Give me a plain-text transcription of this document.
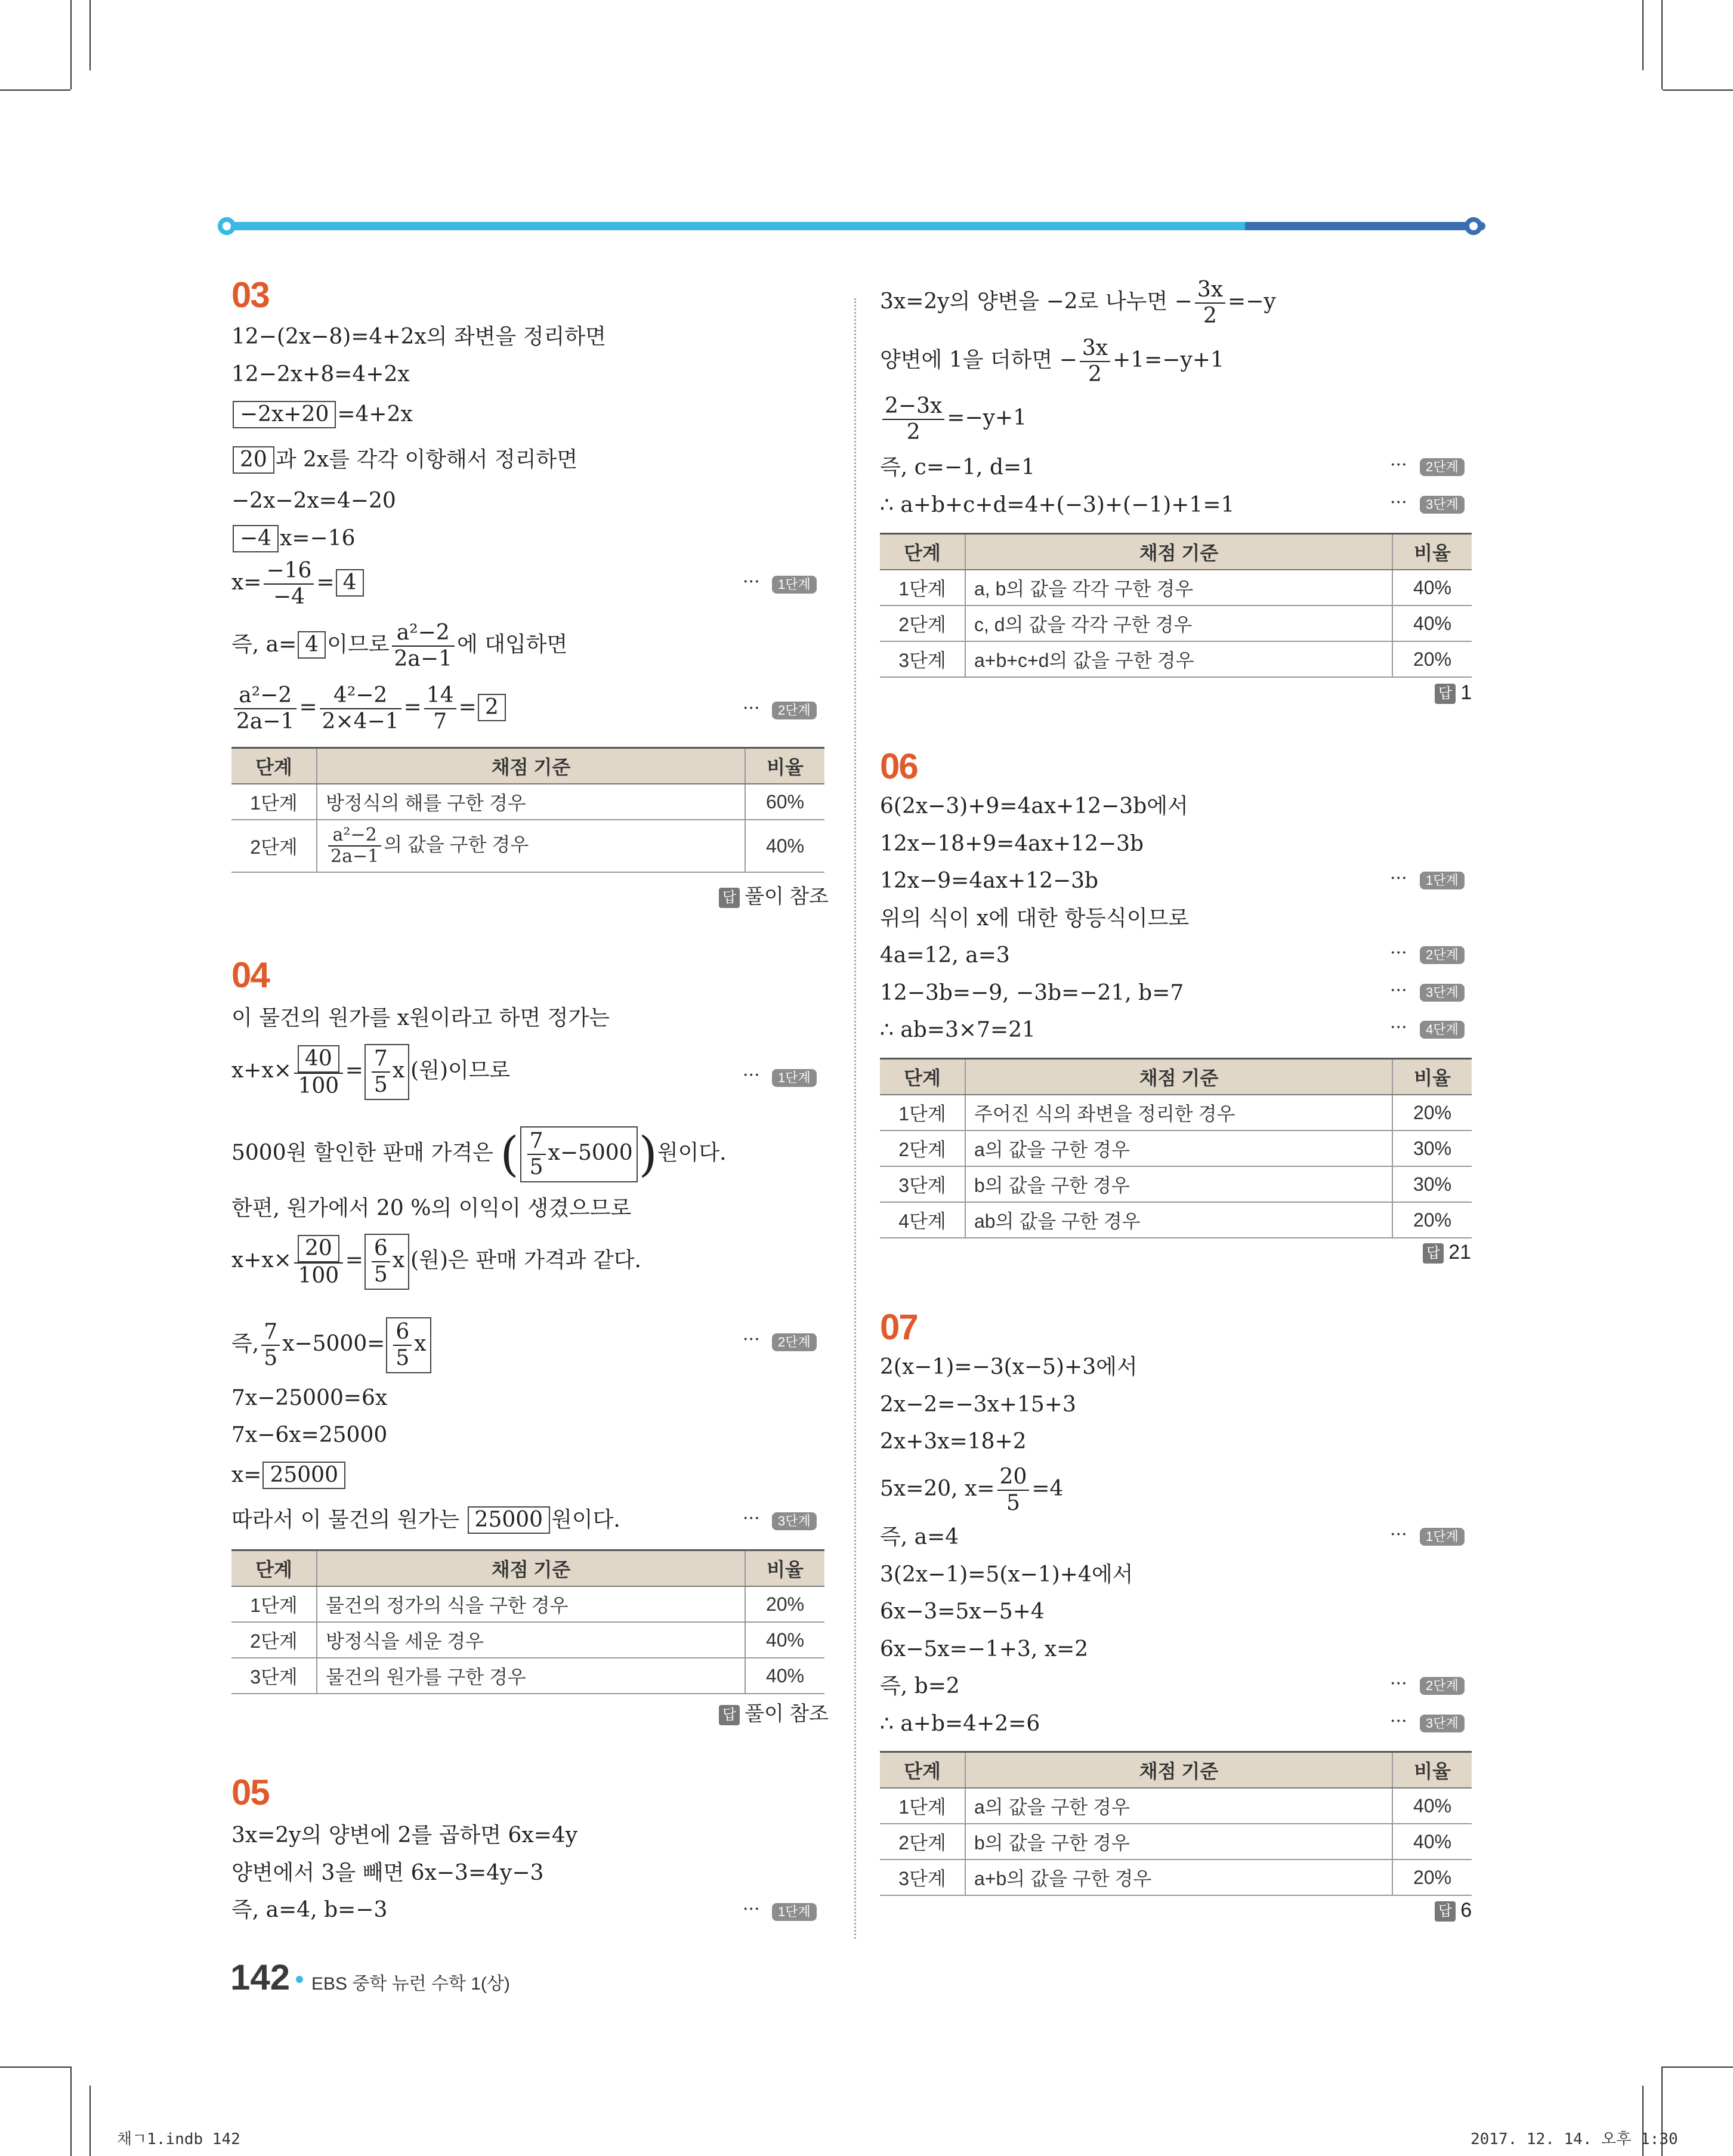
03
12−(2x−8)=4+2x의 좌변을 정리하면
12−2x+8=4+2x
−2x+20 =4+2x
20 과 2x를 각각 이항해서 정리하면
−2x−2x=4−20
−4 x=−16
$x= \frac{-16}{-4} = 4$	···	1단계
즉, a= 4 이므로 $\frac{\text{a²−2}}{2a-1}$ 에 대입하면
$\frac{\text{a²−2}}{2a-1} = \frac{\text{4²−2}}{2\times 4-1} = \frac{14}{7} = 2$	···	2단계
단계	채점 기준	비율
1단계	방정식의 해를 구한 경우	60%
2단계	$\frac{\text{a²−2}}{2a-1}$ 의 값을 구한 경우	40%
답 풀이 참조
04
이 물건의 원가를 x원이라고 하면 정가는
$x+x\times \frac{40}{100} = \frac{7}{5}$ x (원)이므로	···	1단계
5000원 할인한 판매 가격은 ( $\frac{7}{5} x-5000$ )원이다.
한편, 원가에서 20 %의 이익이 생겼으므로
$x+x\times \frac{20}{100} = \frac{6}{5}$ x (원)은 판매 가격과 같다.
즉, $\frac{7}{5} x-5000= \frac{6}{5}$ x	···	2단계
7x−25000=6x
7x−6x=25000
x= 25000
따라서 이 물건의 원가는 25000 원이다.	···	3단계
단계	채점 기준	비율
1단계	물건의 정가의 식을 구한 경우	20%
2단계	방정식을 세운 경우	40%
3단계	물건의 원가를 구한 경우	40%
답 풀이 참조
05
3x=2y의 양변에 2를 곱하면 6x=4y
양변에서 3을 빼면 6x−3=4y−3
즉, a=4, b=−3	···	1단계
3x=2y의 양변을 −2로 나누면 − $\frac{3x}{2} =-y$
양변에 1을 더하면 − $\frac{3x}{2} +1=-y+1$
$\frac{2-3x}{2} =-y+1$
즉, c=−1, d=1	···	2단계
∴ a+b+c+d=4+(−3)+(−1)+1=1	···	3단계
단계	채점 기준	비율
1단계	a, b의 값을 각각 구한 경우	40%
2단계	c, d의 값을 각각 구한 경우	40%
3단계	a+b+c+d의 값을 구한 경우	20%
답 1
06
6(2x−3)+9=4ax+12−3b에서
12x−18+9=4ax+12−3b
12x−9=4ax+12−3b	···	1단계
위의 식이 x에 대한 항등식이므로
4a=12, a=3	···	2단계
12−3b=−9, −3b=−21, b=7	···	3단계
∴ ab=3×7=21	···	4단계
단계	채점 기준	비율
1단계	주어진 식의 좌변을 정리한 경우	20%
2단계	a의 값을 구한 경우	30%
3단계	b의 값을 구한 경우	30%
4단계	ab의 값을 구한 경우	20%
답 21
07
2(x−1)=−3(x−5)+3에서
2x−2=−3x+15+3
2x+3x=18+2
5x=20, $x= \frac{20}{5} =4$
즉, a=4	···	1단계
3(2x−1)=5(x−1)+4에서
6x−3=5x−5+4
6x−5x=−1+3, x=2
즉, b=2	···	2단계
∴ a+b=4+2=6	···	3단계
단계	채점 기준	비율
1단계	a의 값을 구한 경우	40%
2단계	b의 값을 구한 경우	40%
3단계	a+b의 값을 구한 경우	20%
답 6
142 EBS 중학 뉴런 수학 1(상)
채ㄱ1.indb 142	2017. 12. 14. 오후 1:30
